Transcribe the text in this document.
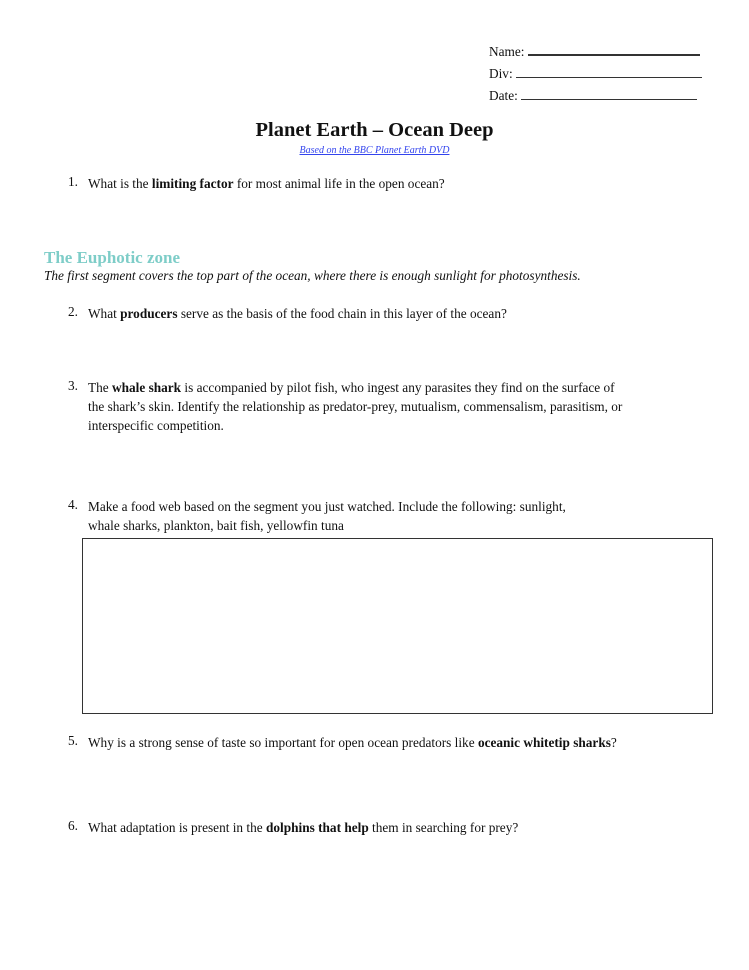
Name:
Div:
Date:
Planet Earth – Ocean Deep
Based on the BBC Planet Earth DVD
1. What is the limiting factor for most animal life in the open ocean?
The Euphotic zone
The first segment covers the top part of the ocean, where there is enough sunlight for photosynthesis.
2. What producers serve as the basis of the food chain in this layer of the ocean?
3. The whale shark is accompanied by pilot fish, who ingest any parasites they find on the surface of
the shark’s skin. Identify the relationship as predator-prey, mutualism, commensalism, parasitism, or
interspecific competition.
4. Make a food web based on the segment you just watched. Include the following: sunlight,
whale sharks, plankton, bait fish, yellowfin tuna
5. Why is a strong sense of taste so important for open ocean predators like oceanic whitetip sharks?
6. What adaptation is present in the dolphins that help them in searching for prey?
